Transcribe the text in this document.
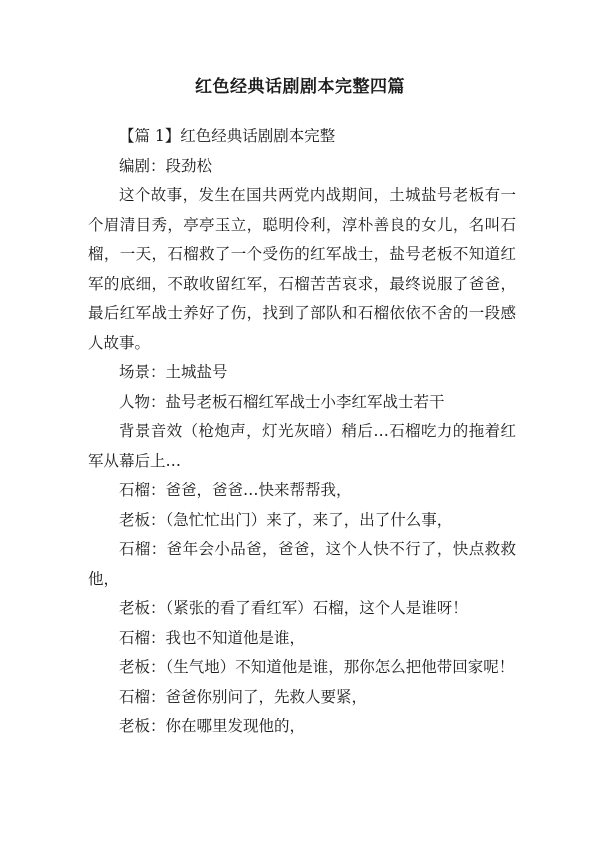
红色经典话剧剧本完整四篇

【篇 1】红色经典话剧剧本完整

编剧：段劲松

这个故事，发生在国共两党内战期间，土城盐号老板有一个眉清目秀，亭亭玉立，聪明伶利，淳朴善良的女儿，名叫石榴，一天，石榴救了一个受伤的红军战士，盐号老板不知道红军的底细，不敢收留红军，石榴苦苦哀求，最终说服了爸爸，最后红军战士养好了伤，找到了部队和石榴依依不舍的一段感人故事。

场景：土城盐号

人物：盐号老板石榴红军战士小李红军战士若干

背景音效（枪炮声，灯光灰暗）稍后…石榴吃力的拖着红军从幕后上…

石榴：爸爸，爸爸…快来帮帮我，

老板：（急忙忙出门）来了，来了，出了什么事，

石榴：爸年会小品爸，爸爸，这个人快不行了，快点救救他，

老板：（紧张的看了看红军）石榴，这个人是谁呀！

石榴：我也不知道他是谁，

老板：（生气地）不知道他是谁，那你怎么把他带回家呢！

石榴：爸爸你别问了，先救人要紧，

老板：你在哪里发现他的，
